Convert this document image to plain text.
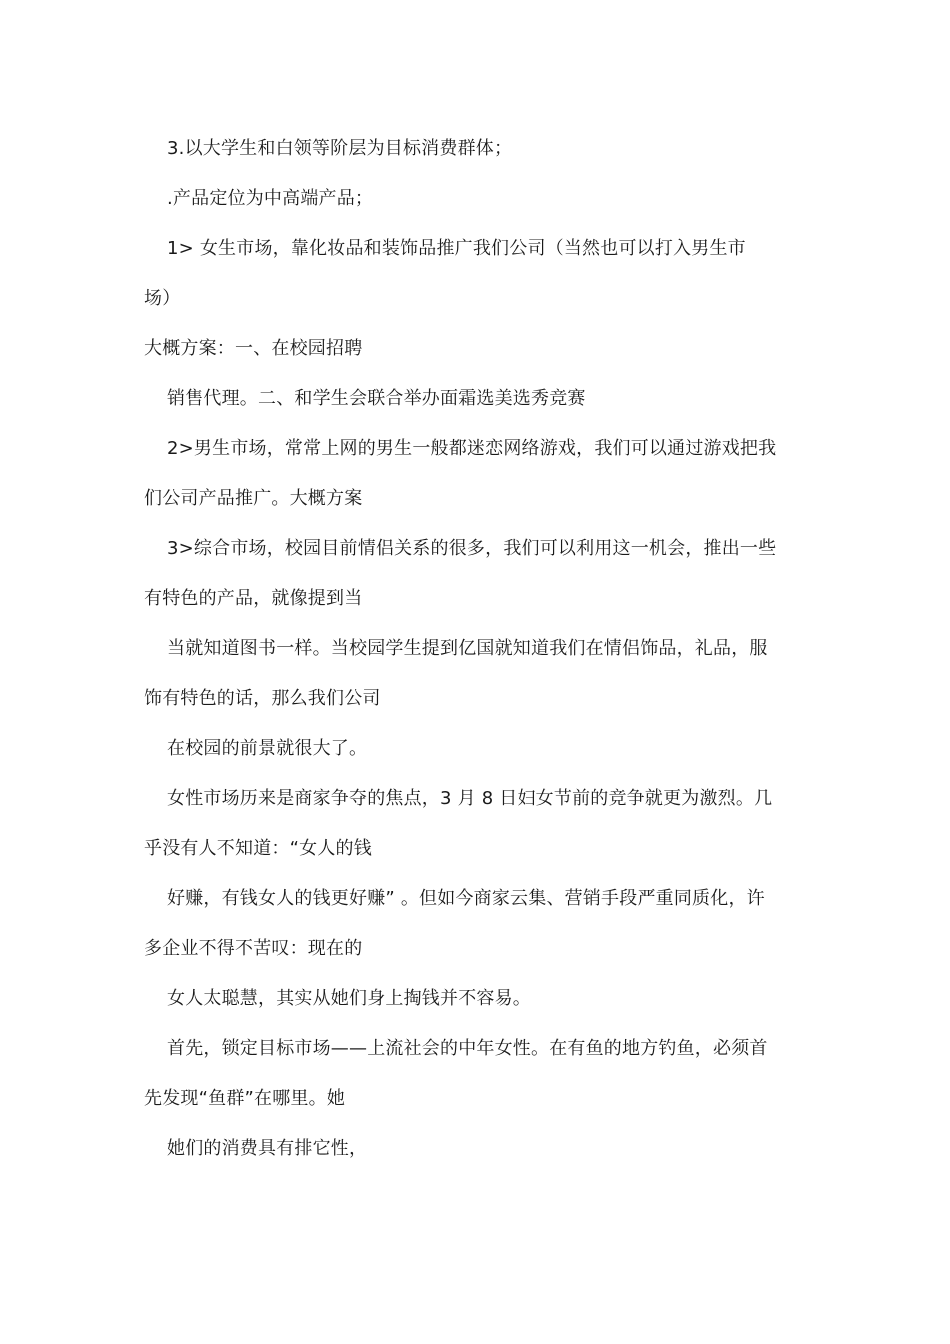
3.以大学生和白领等阶层为目标消费群体；
.产品定位为中高端产品；
1> 女生市场，靠化妆品和装饰品推广我们公司（当然也可以打入男生市
场）
大概方案：一、在校园招聘
销售代理。二、和学生会联合举办面霜选美选秀竞赛
2>男生市场，常常上网的男生一般都迷恋网络游戏，我们可以通过游戏把我
们公司产品推广。大概方案
3>综合市场，校园目前情侣关系的很多，我们可以利用这一机会，推出一些
有特色的产品，就像提到当
当就知道图书一样。当校园学生提到亿国就知道我们在情侣饰品，礼品，服
饰有特色的话，那么我们公司
在校园的前景就很大了。
女性市场历来是商家争夺的焦点，3 月 8 日妇女节前的竞争就更为激烈。几
乎没有人不知道：“女人的钱
好赚，有钱女人的钱更好赚” 。但如今商家云集、营销手段严重同质化，许
多企业不得不苦叹：现在的
女人太聪慧，其实从她们身上掏钱并不容易。
首先，锁定目标市场——上流社会的中年女性。在有鱼的地方钓鱼，必须首
先发现“鱼群”在哪里。她
她们的消费具有排它性，
